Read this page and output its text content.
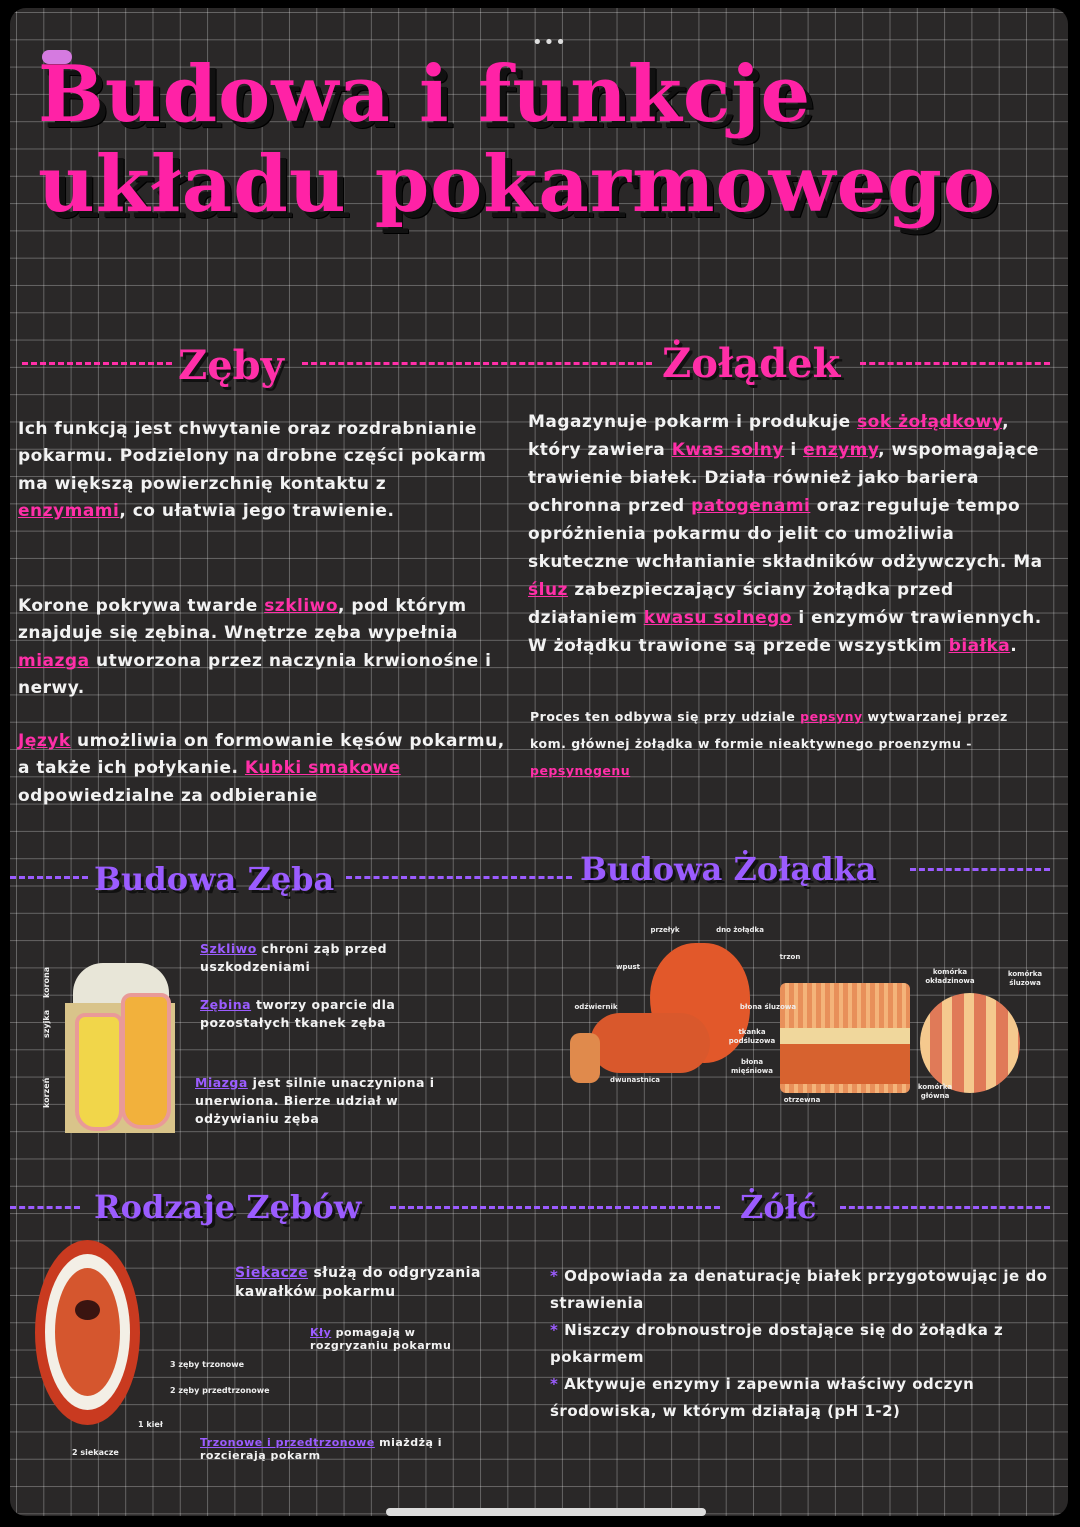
•••
Budowa i funkcje
układu pokarmowego
Zęby	Żołądek
Ich funkcją jest chwytanie oraz rozdrabnianie pokarmu. Podzielony na drobne części pokarm ma większą powierzchnię kontaktu z enzymami, co ułatwia jego trawienie.
Korone pokrywa twarde szkliwo, pod którym znajduje się zębina. Wnętrze zęba wypełnia miazga utworzona przez naczynia krwionośne i nerwy.
Język umożliwia on formowanie kęsów pokarmu, a także ich połykanie. Kubki smakowe odpowiedzialne za odbieranie
Magazynuje pokarm i produkuje sok żołądkowy, który zawiera Kwas solny i enzymy, wspomagające trawienie białek. Działa również jako bariera ochronna przed patogenami oraz reguluje tempo opróżnienia pokarmu do jelit co umożliwia skuteczne wchłanianie składników odżywczych. Ma śluz zabezpieczający ściany żołądka przed działaniem kwasu solnego i enzymów trawiennych. W żołądku trawione są przede wszystkim białka.
Proces ten odbywa się przy udziale pepsyny wytwarzanej przez kom. głównej żołądka w formie nieaktywnego proenzymu - pepsynogenu
Budowa Zęba	Budowa Żołądka
korona
szyjka
korzeń
Szkliwo chroni ząb przed uszkodzeniami
Zębina tworzy oparcie dla pozostałych tkanek zęba
Miazga jest silnie unaczyniona i unerwiona. Bierze udział w odżywianiu zęba
przełyk	dno żołądka
wpust
trzon
odźwiernik
dwunastnica
błona śluzowa
tkanka podśluzowa
błona mięśniowa
otrzewna
komórka okładzinowa
komórka śluzowa
komórka główna
Rodzaje Zębów	Żółć
3 zęby trzonowe
2 zęby przedtrzonowe
1 kieł
2 siekacze
Siekacze służą do odgryzania kawałków pokarmu
Kły pomagają w rozgryzaniu pokarmu
Trzonowe i przedtrzonowe miażdżą i rozcierają pokarm
* Odpowiada za denaturację białek przygotowując je do strawienia
* Niszczy drobnoustroje dostające się do żołądka z pokarmem
* Aktywuje enzymy i zapewnia właściwy odczyn środowiska, w którym działają (pH 1-2)
